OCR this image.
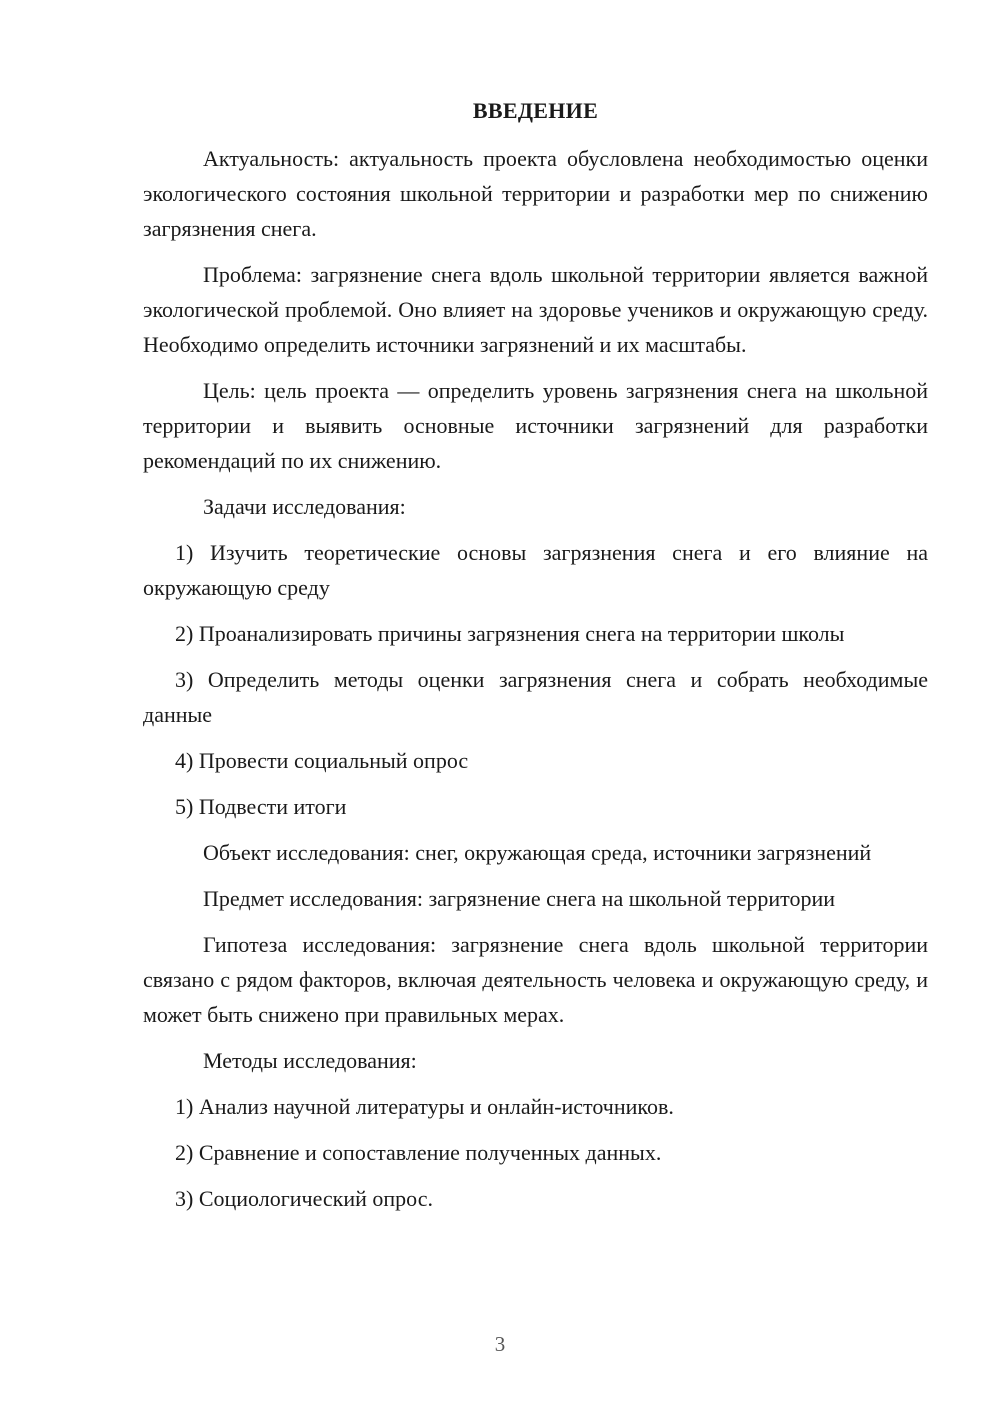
ВВЕДЕНИЕ

Актуальность: актуальность проекта обусловлена необходимостью оценки экологического состояния школьной территории и разработки мер по снижению загрязнения снега.

Проблема: загрязнение снега вдоль школьной территории является важной экологической проблемой. Оно влияет на здоровье учеников и окружающую среду. Необходимо определить источники загрязнений и их масштабы.

Цель: цель проекта — определить уровень загрязнения снега на школьной территории и выявить основные источники загрязнений для разработки рекомендаций по их снижению.

Задачи исследования:

1) Изучить теоретические основы загрязнения снега и его влияние на окружающую среду

2) Проанализировать причины загрязнения снега на территории школы

3) Определить методы оценки загрязнения снега и собрать необходимые данные

4) Провести социальный опрос

5) Подвести итоги

Объект исследования: снег, окружающая среда, источники загрязнений

Предмет исследования: загрязнение снега на школьной территории

Гипотеза исследования: загрязнение снега вдоль школьной территории связано с рядом факторов, включая деятельность человека и окружающую среду, и может быть снижено при правильных мерах.

Методы исследования:

1) Анализ научной литературы и онлайн-источников.

2) Сравнение и сопоставление полученных данных.

3) Социологический опрос.

3
